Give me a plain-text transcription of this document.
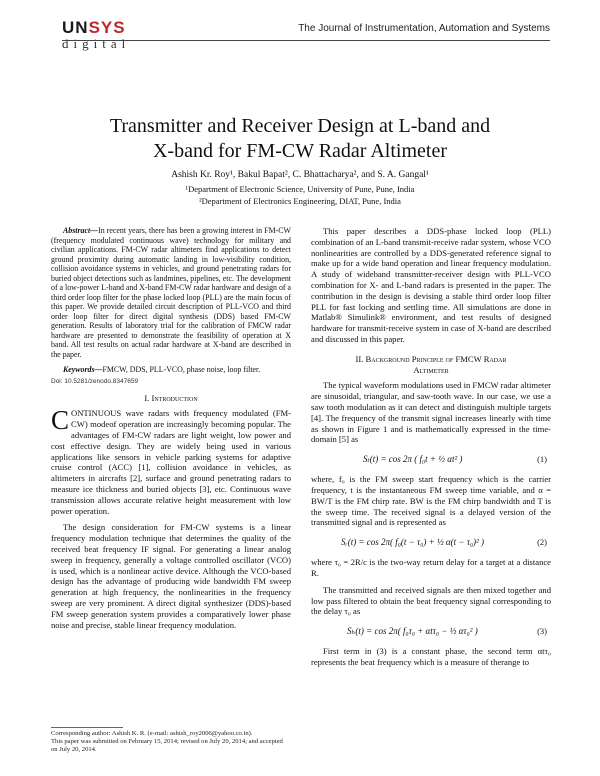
UNSYS
digital
The Journal of Instrumentation, Automation and Systems
Transmitter and Receiver Design at L-band and
X-band for FM-CW Radar Altimeter
Ashish Kr. Roy¹, Bakul Bapat², C. Bhattacharya², and S. A. Gangal¹
¹Department of Electronic Science, University of Pune, Pune, India
²Department of Electronics Engineering, DIAT, Pune, India

Abstract—In recent years, there has been a growing interest in FM-CW (frequency modulated continuous wave) technology for military and civilian applications. FM-CW radar altimeters find applications to detect ground proximity during automatic landing in low-visibility condition, collision avoidance systems in vehicles, and ground penetrating radars for buried object detections such as landmines, pipelines, etc. The development of a low-power L-band and X-band FM-CW radar hardware and design of a third order loop filter for the phase locked loop (PLL) are the main focus of this paper. We provide detailed circuit description of PLL-VCO and third order loop filter for direct digital synthesis (DDS) based FM-CW generation. Results of laboratory trial for the calibration of FMCW radar hardware are presented to demonstrate the feasibility of operation at X band. All test results on actual radar hardware at X-band are described in the paper.

Keywords—FMCW, DDS, PLL-VCO, phase noise, loop filter.
Doi: 10.5281/zenodo.8347659
I. Introduction

CONTINUOUS wave radars with frequency modulated (FM-CW) modeof operation are increasingly becoming popular. The advantages of FM-CW radars are light weight, low power and cost effective design. They are widely being used in various applications like sensors in vehicle parking systems for adaptive cruise control (ACC) [1], collision avoidance in vehicles, as altimeters in aircrafts [2], surface and ground penetrating radars to measure ice thickness and buried objects [3], etc. Continuous wave transmission allows accurate relative height measurement with low power operation.

The design consideration for FM-CW systems is a linear frequency modulation technique that determines the quality of the received beat frequency IF signal. For generating a linear analog sweep in frequency, generally a voltage controlled oscillator (VCO) is used, which is a nonlinear active device. Although the VCO-based design has the advantage of producing wide bandwidth FM sweep generation at high frequency, the nonlinearities in the frequency sweep are very prominent. A direct digital synthesizer (DDS)-based FM sweep generation system provides a comparatively lower phase noise and precise, stable linear frequency modulation.

Corresponding author: Ashish K. R. (e-mail: ashish_roy2006@yahoo.co.in).
This paper was submitted on February 15, 2014; revised on July 20, 2014; and accepted on July 20, 2014.

This paper describes a DDS-phase locked loop (PLL) combination of an L-band transmit-receive radar system, whose VCO nonlinearities are controlled by a DDS-generated reference signal to make up for a wide band operation and linear frequency modulation. A study of wideband transmitter-receiver design with PLL-VCO combination for X- and L-band radars is presented in the paper. The contribution in the design is devising a stable third order loop filter PLL for fast locking and settling time. All simulations are done in Matlab® Simulink® environment, and test results of designed hardware for transmit-receive system in case of X-band are described and discussed in this paper.

II. Background Principle of FMCW Radar
Altimeter

The typical waveform modulations used in FMCW radar altimeter are sinusoidal, triangular, and saw-tooth wave. In our case, we use a saw tooth modulation as it can detect and distinguish multiple targets [4]. The frequency of the transmit signal increases linearly with time as shown in Figure 1 and is mathematically expressed in the time-domain [5] as

Sₜ(t) = cos 2π ( f₀t + ½ αt² )	(1)

where, f₀ is the FM sweep start frequency which is the carrier frequency, t is the instantaneous FM sweep time variable, and α = BW/T is the FM chirp rate. BW is the FM chirp bandwidth and T is the sweep time. The received signal is a delayed version of the transmitted signal and is represented as

Sᵣ(t) = cos 2π( f₀(t − τ₀) + ½ α(t − τ₀)² )	(2)

where τ₀ = 2R/c is the two-way return delay for a target at a distance R.

The transmitted and received signals are then mixed together and low pass filtered to obtain the beat frequency signal corresponding to the delay τ₀ as

Sₕ(t) = cos 2π( f₀τ₀ + αtτ₀ − ½ ατ₀² )	(3)

First term in (3) is a constant phase, the second term αtτ₀ represents the beat frequency which is a measure of therange to
